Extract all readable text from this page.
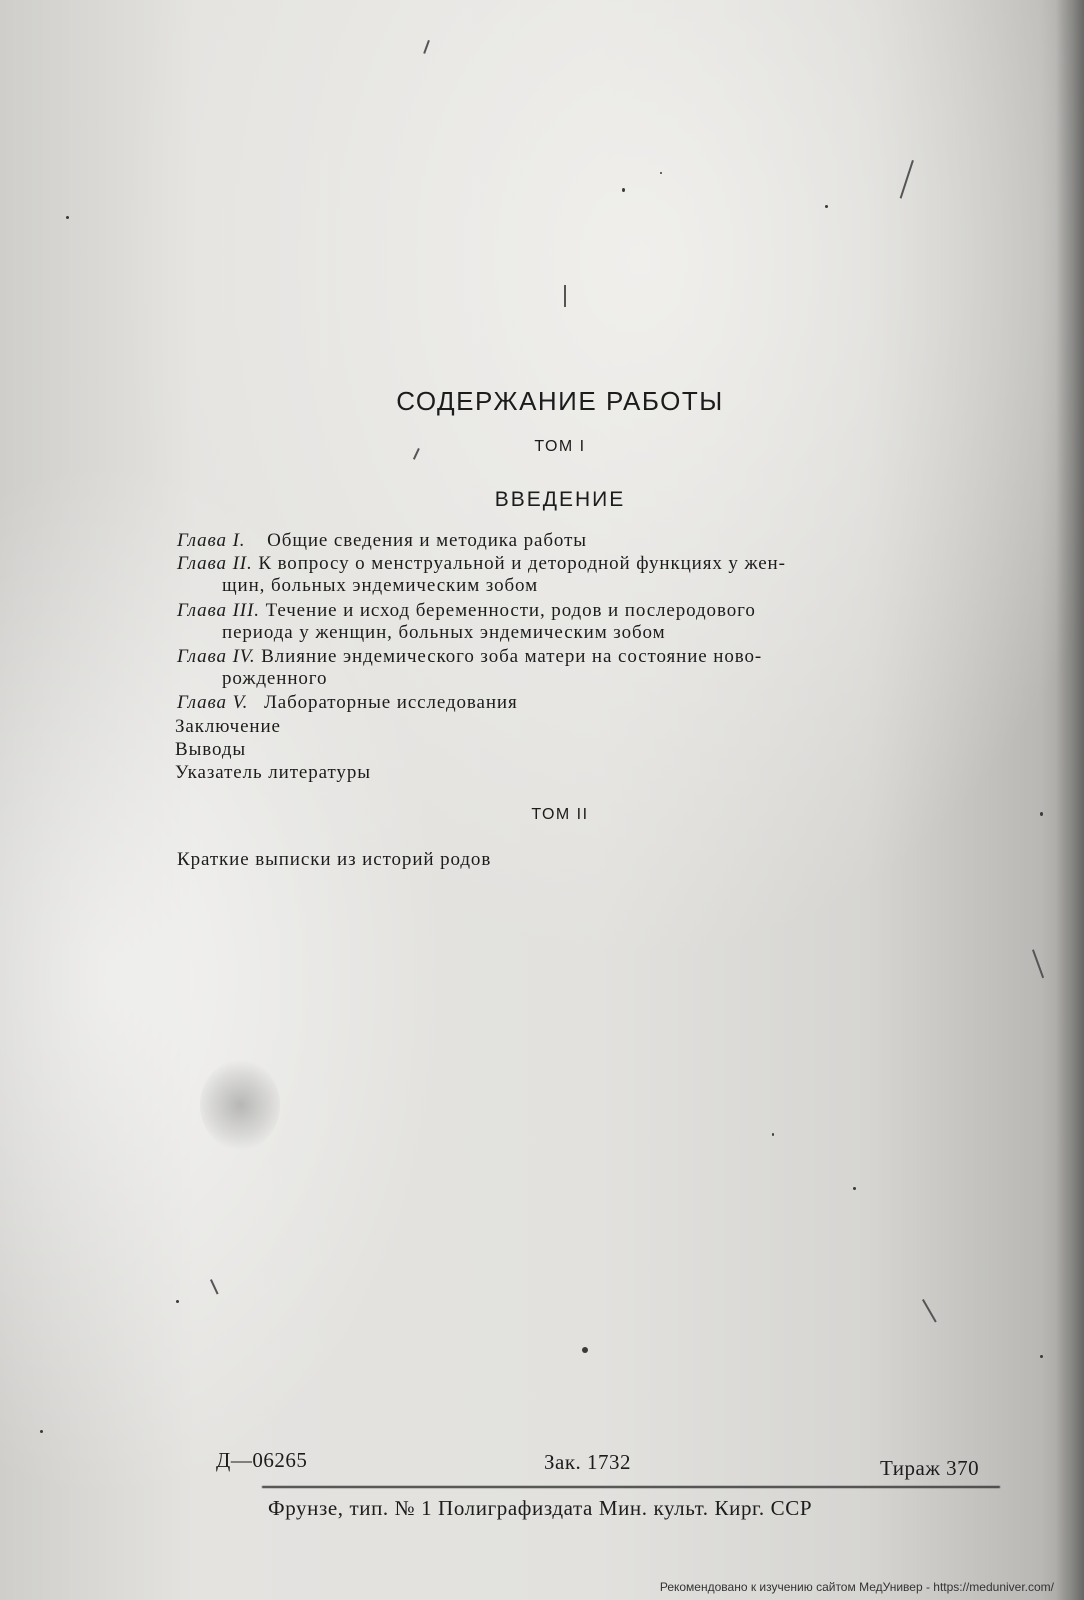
СОДЕРЖАНИЕ РАБОТЫ
ТОМ I
ВВЕДЕНИЕ
Глава I. Общие сведения и методика работы
Глава II. К вопросу о менструальной и детородной функциях у жен-
щин, больных эндемическим зобом
Глава III. Течение и исход беременности, родов и послеродового
периода у женщин, больных эндемическим зобом
Глава IV. Влияние эндемического зоба матери на состояние ново-
рожденного
Глава V. Лабораторные исследования
Заключение
Выводы
Указатель литературы
ТОМ II
Краткие выписки из историй родов
Д—06265	Зак. 1732	Тираж 370
Фрунзе, тип. № 1 Полиграфиздата Мин. культ. Кирг. ССР
Рекомендовано к изучению сайтом МедУнивер - https://meduniver.com/
